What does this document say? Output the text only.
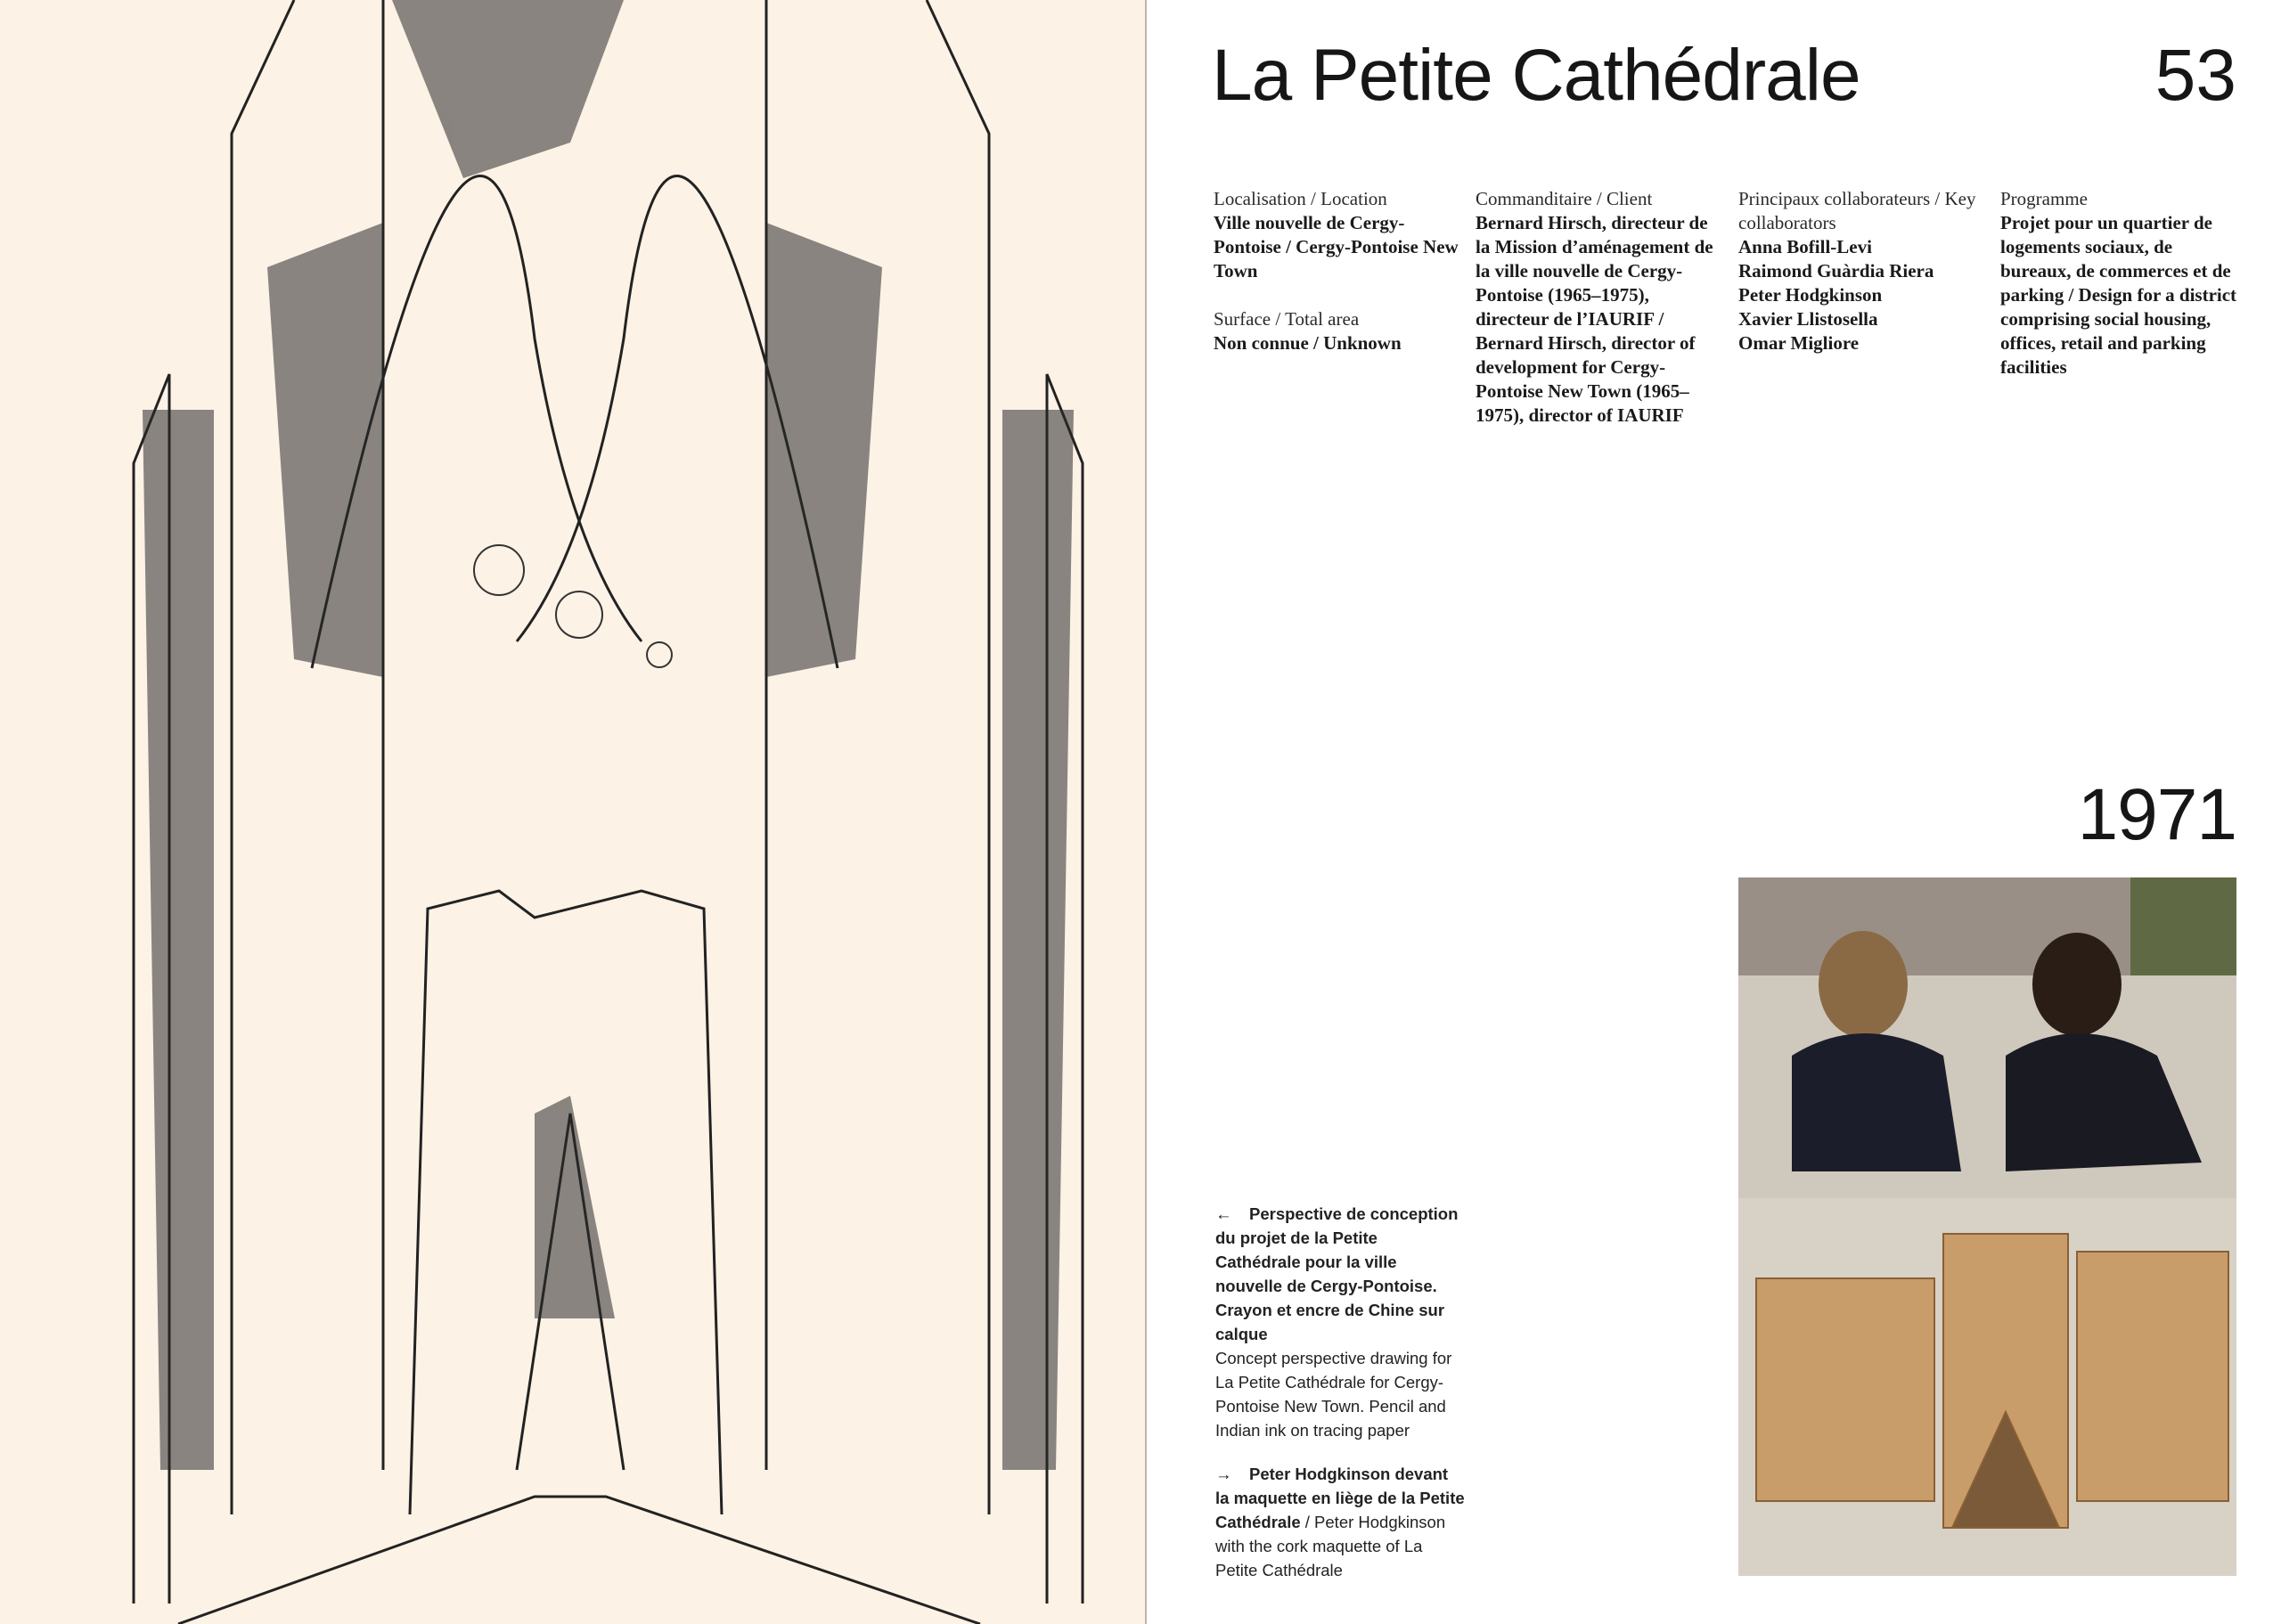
La Petite Cathédrale	53
Localisation / Location
Ville nouvelle de Cergy-Pontoise / Cergy-Pontoise New Town
Surface / Total area
Non connue / Unknown
Commanditaire / Client
Bernard Hirsch, directeur de la Mission d’aménagement de la ville nouvelle de Cergy-Pontoise (1965–1975), directeur de l’IAURIF / Bernard Hirsch, director of development for Cergy-Pontoise New Town (1965–1975), director of IAURIF
Principaux collaborateurs / Key collaborators
Anna Bofill-Levi
Raimond Guàrdia Riera
Peter Hodgkinson
Xavier Llistosella
Omar Migliore
Programme
Projet pour un quartier de logements sociaux, de bureaux, de commerces et de parking / Design for a district comprising social housing, offices, retail and parking facilities
1971
← Perspective de conception du projet de la Petite Cathédrale pour la ville nouvelle de Cergy-Pontoise. Crayon et encre de Chine sur calque
Concept perspective drawing for La Petite Cathédrale for Cergy-Pontoise New Town. Pencil and Indian ink on tracing paper
→ Peter Hodgkinson devant la maquette en liège de la Petite Cathédrale / Peter Hodgkinson with the cork maquette of La Petite Cathédrale
